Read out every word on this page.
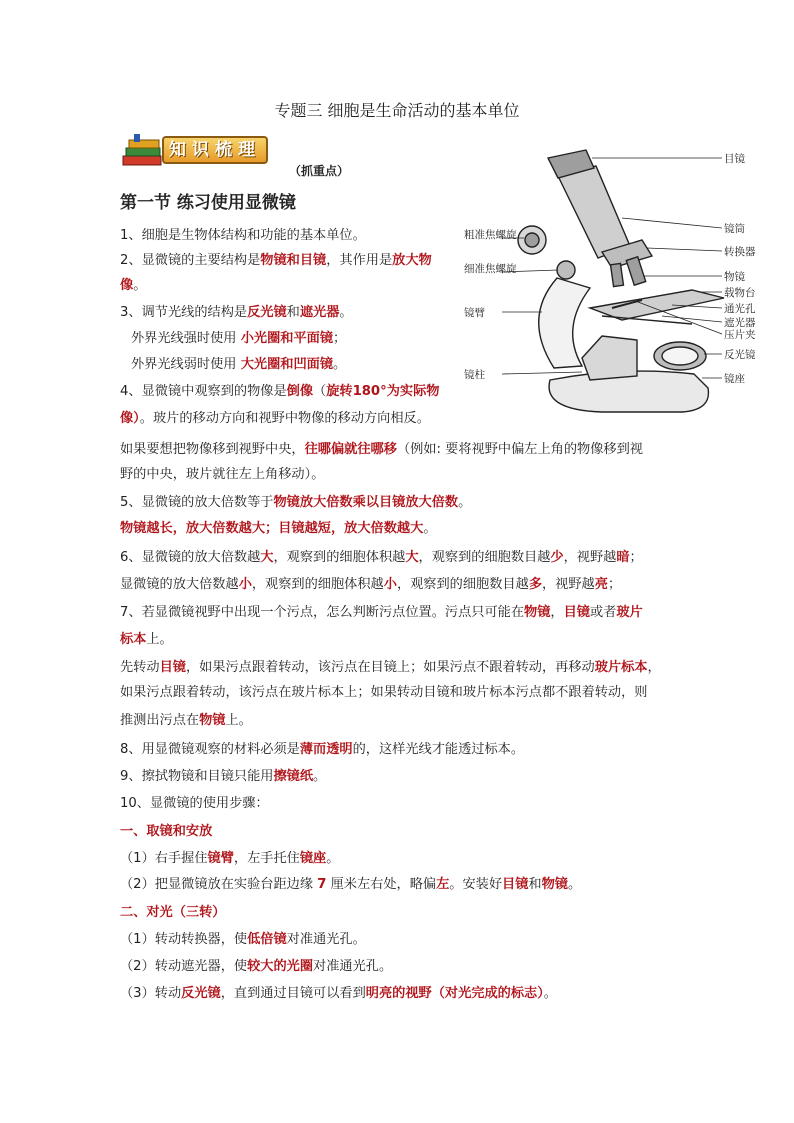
专题三 细胞是生命活动的基本单位
知识梳理
（抓重点）
第一节 练习使用显微镜
目镜
镜筒
转换器
物镜
载物台
通光孔
遮光器
压片夹
反光镜
镜座
粗准焦螺旋
细准焦螺旋
镜臂
镜柱
1、细胞是生物体结构和功能的基本单位。
2、显微镜的主要结构是物镜和目镜，其作用是放大物
像。
3、调节光线的结构是反光镜和遮光器。
外界光线强时使用 小光圈和平面镜；
外界光线弱时使用 大光圈和凹面镜。
4、显微镜中观察到的物像是倒像（旋转180°为实际物
像）。玻片的移动方向和视野中物像的移动方向相反。
如果要想把物像移到视野中央，往哪偏就往哪移（例如: 要将视野中偏左上角的物像移到视
野的中央，玻片就往左上角移动）。
5、显微镜的放大倍数等于物镜放大倍数乘以目镜放大倍数。
物镜越长，放大倍数越大；目镜越短，放大倍数越大。
6、显微镜的放大倍数越大，观察到的细胞体积越大，观察到的细胞数目越少，视野越暗；
显微镜的放大倍数越小，观察到的细胞体积越小，观察到的细胞数目越多，视野越亮；
7、若显微镜视野中出现一个污点，怎么判断污点位置。污点只可能在物镜，目镜或者玻片
标本上。
先转动目镜，如果污点跟着转动，该污点在目镜上；如果污点不跟着转动，再移动玻片标本，
如果污点跟着转动，该污点在玻片标本上；如果转动目镜和玻片标本污点都不跟着转动，则
推测出污点在物镜上。
8、用显微镜观察的材料必须是薄而透明的，这样光线才能透过标本。
9、擦拭物镜和目镜只能用擦镜纸。
10、显微镜的使用步骤：
一、取镜和安放
（1）右手握住镜臂，左手托住镜座。
（2）把显微镜放在实验台距边缘 7 厘米左右处，略偏左。安装好目镜和物镜。
二、对光（三转）
（1）转动转换器，使低倍镜对准通光孔。
（2）转动遮光器，使较大的光圈对准通光孔。
（3）转动反光镜，直到通过目镜可以看到明亮的视野（对光完成的标志）。
